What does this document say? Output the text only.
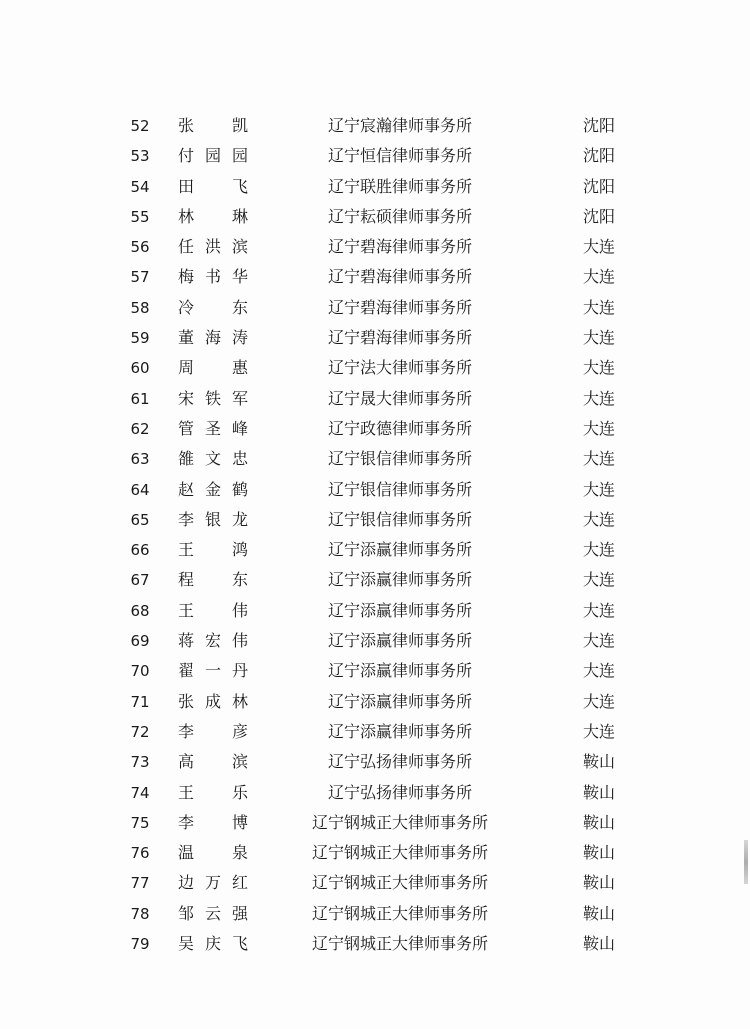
52	张 凯	辽宁宸瀚律师事务所	沈阳
53	付园园	辽宁恒信律师事务所	沈阳
54	田 飞	辽宁联胜律师事务所	沈阳
55	林 琳	辽宁耘硕律师事务所	沈阳
56	任洪滨	辽宁碧海律师事务所	大连
57	梅书华	辽宁碧海律师事务所	大连
58	冷 东	辽宁碧海律师事务所	大连
59	董海涛	辽宁碧海律师事务所	大连
60	周 惠	辽宁法大律师事务所	大连
61	宋铁军	辽宁晟大律师事务所	大连
62	管圣峰	辽宁政德律师事务所	大连
63	雒文忠	辽宁银信律师事务所	大连
64	赵金鹤	辽宁银信律师事务所	大连
65	李银龙	辽宁银信律师事务所	大连
66	王 鸿	辽宁添赢律师事务所	大连
67	程 东	辽宁添赢律师事务所	大连
68	王 伟	辽宁添赢律师事务所	大连
69	蒋宏伟	辽宁添赢律师事务所	大连
70	翟一丹	辽宁添赢律师事务所	大连
71	张成林	辽宁添赢律师事务所	大连
72	李 彦	辽宁添赢律师事务所	大连
73	高 滨	辽宁弘扬律师事务所	鞍山
74	王 乐	辽宁弘扬律师事务所	鞍山
75	李 博	辽宁钢城正大律师事务所	鞍山
76	温 泉	辽宁钢城正大律师事务所	鞍山
77	边万红	辽宁钢城正大律师事务所	鞍山
78	邹云强	辽宁钢城正大律师事务所	鞍山
79	吴庆飞	辽宁钢城正大律师事务所	鞍山
